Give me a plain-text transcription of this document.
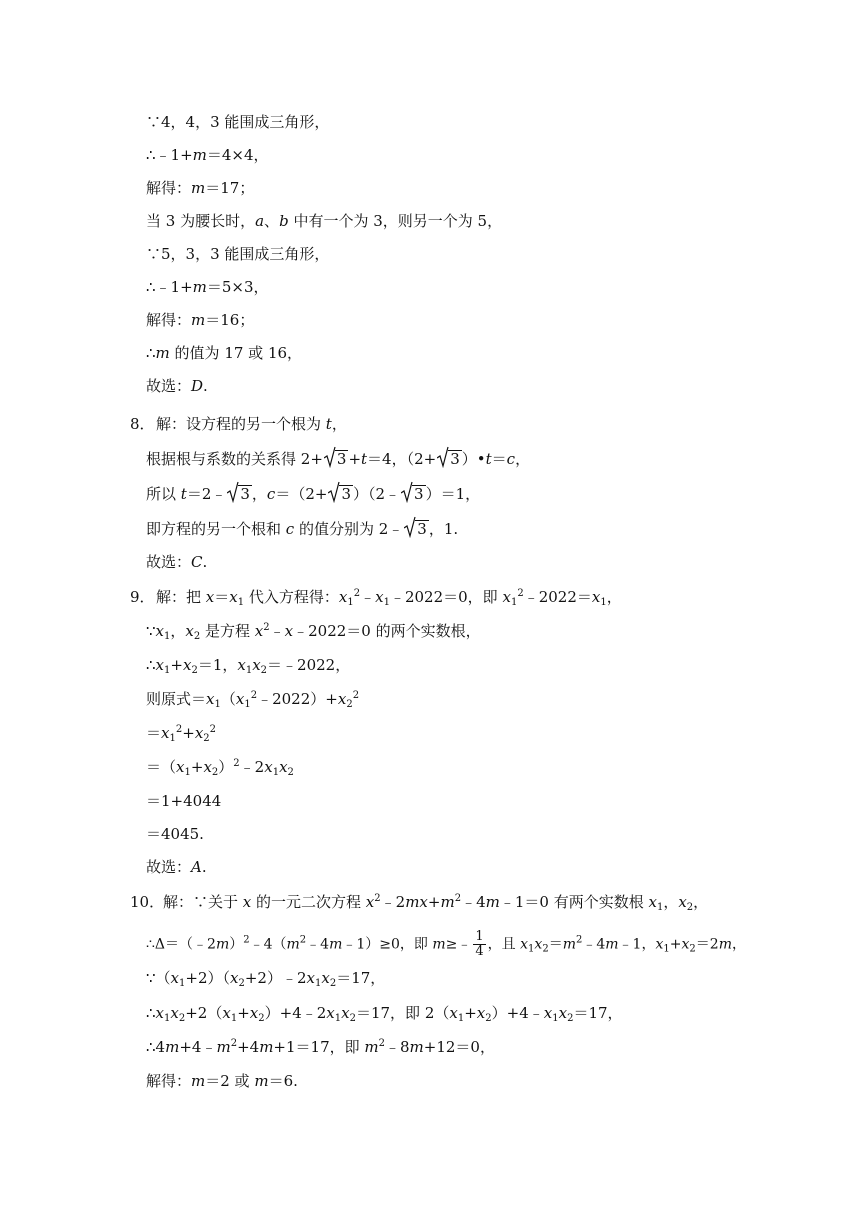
∵4，4，3 能围成三角形，
∴﹣1+m＝4×4，
解得：m＝17；
当 3 为腰长时，a、b 中有一个为 3，则另一个为 5，
∵5，3，3 能围成三角形，
∴﹣1+m＝5×3，
解得：m＝16；
∴m 的值为 17 或 16，
故选：D.
8． 解：设方程的另一个根为 t，
根据根与系数的关系得 2+ 3 +t＝4，（2+ 3 ）•t＝c，
所以 t＝2﹣ 3 ，c＝（2+ 3 ）（2﹣ 3 ）＝1，
即方程的另一个根和 c 的值分别为 2﹣ 3 ，1.
故选：C.
9． 解：把 $x=x_1$ 代入方程得：$x_1^2﹣x_1﹣2022=0$，即 $x_1^2﹣2022=x_1$，
$\because x_1$，$x_2$ 是方程 $x^2﹣x﹣2022=0$ 的两个实数根，
$\therefore x_1+x_2=1$，$x_1x_2=﹣2022$，
则原式$=x_1(x_1^2﹣2022)+x_2^2$
$=x_1^2+x_2^2$
$=(x_1+x_2)^2﹣2x_1x_2$
＝1+4044
＝4045.
故选：A.
10．
解：∵关于 x 的一元二次方程 $x^2﹣2mx+m^2﹣4m﹣1=0$ 有两个实数根 $x_1$，$x_2$，
$\therefore\Delta=(﹣2m)^2﹣4(m^2﹣4m﹣1)\ge 0$，即 m≥﹣ $\frac{1}{4}$ ，且 $x_1x_2=m^2﹣4m﹣1$，$x_1+x_2=2m$，
$\because(x_1+2)(x_2+2)﹣2x_1x_2=17$，
$\therefore x_1x_2+2(x_1+x_2)+4﹣2x_1x_2=17$，即 $2(x_1+x_2)+4﹣x_1x_2=17$，
$\therefore 4m+4﹣m^2+4m+1=17$，即 $m^2﹣8m+12=0$，
解得：m＝2 或 m＝6.
